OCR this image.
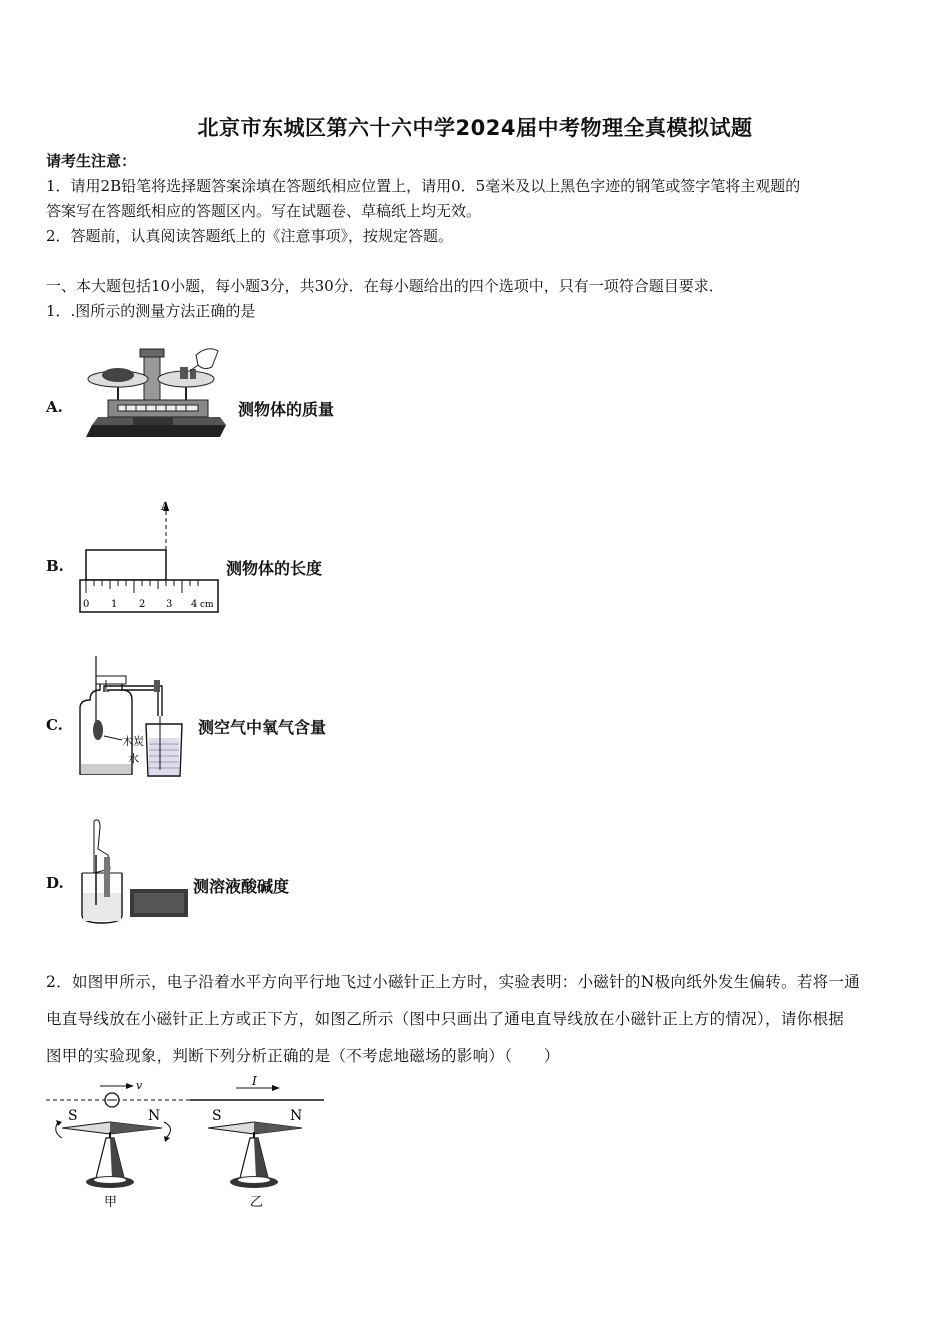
北京市东城区第六十六中学2024届中考物理全真模拟试题
请考生注意：
1．请用2B铅笔将选择题答案涂填在答题纸相应位置上，请用0．5毫米及以上黑色字迹的钢笔或签字笔将主观题的
答案写在答题纸相应的答题区内。写在试题卷、草稿纸上均无效。
2．答题前，认真阅读答题纸上的《注意事项》，按规定答题。
一、本大题包括10小题，每小题3分，共30分．在每小题给出的四个选项中，只有一项符合题目要求．
1．.图所示的测量方法正确的是
A.	测物体的质量
B.
A
0 1 2 3 4 cm
测物体的长度
C.
木炭
水
测空气中氧气含量
D.	测溶液酸碱度
2．如图甲所示，电子沿着水平方向平行地飞过小磁针正上方时，实验表明：小磁针的N极向纸外发生偏转。若将一通
电直导线放在小磁针正上方或正下方，如图乙所示（图中只画出了通电直导线放在小磁针正上方的情况），请你根据
图甲的实验现象，判断下列分析正确的是（不考虑地磁场的影响）（　　）
v
S	N
甲
I
S	N
乙
